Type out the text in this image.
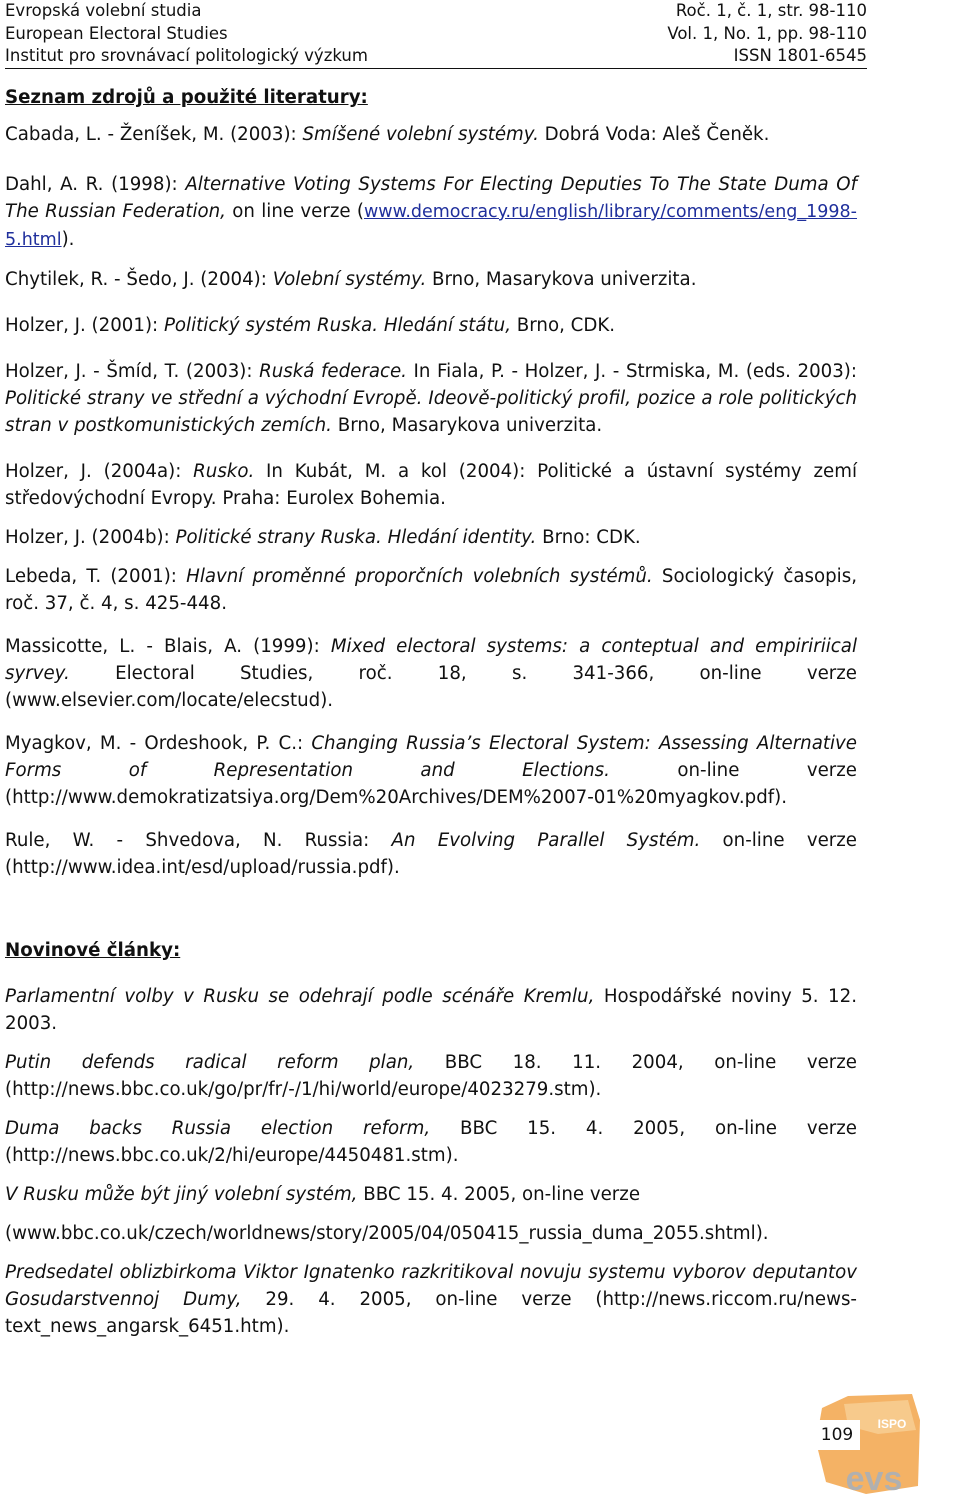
Evropská volební studia	Roč. 1, č. 1, str. 98-110
European Electoral Studies	Vol. 1, No. 1, pp. 98-110
Institut pro srovnávací politologický výzkum	ISSN 1801-6545

Seznam zdrojů a použité literatury:

Cabada, L. - Ženíšek, M. (2003): Smíšené volební systémy. Dobrá Voda: Aleš Čeněk.

Dahl, A. R. (1998): Alternative Voting Systems For Electing Deputies To The State Duma Of The Russian Federation, on line verze (www.democracy.ru/english/library/comments/eng_1998-5.html).

Chytilek, R. - Šedo, J. (2004): Volební systémy. Brno, Masarykova univerzita.

Holzer, J. (2001): Politický systém Ruska. Hledání státu, Brno, CDK.

Holzer, J. - Šmíd, T. (2003): Ruská federace. In Fiala, P. - Holzer, J. - Strmiska, M. (eds. 2003): Politické strany ve střední a východní Evropě. Ideově-politický profil, pozice a role politických stran v postkomunistických zemích. Brno, Masarykova univerzita.

Holzer, J. (2004a): Rusko. In Kubát, M. a kol (2004): Politické a ústavní systémy zemí středovýchodní Evropy. Praha: Eurolex Bohemia.

Holzer, J. (2004b): Politické strany Ruska. Hledání identity. Brno: CDK.

Lebeda, T. (2001): Hlavní proměnné proporčních volebních systémů. Sociologický časopis, roč. 37, č. 4, s. 425-448.

Massicotte, L. - Blais, A. (1999): Mixed electoral systems: a conteptual and empiririical syrvey. Electoral Studies, roč. 18, s. 341-366, on-line verze (www.elsevier.com/locate/elecstud).

Myagkov, M. - Ordeshook, P. C.: Changing Russia’s Electoral System: Assessing Alternative Forms of Representation and Elections. on-line verze (http://www.demokratizatsiya.org/Dem%20Archives/DEM%2007-01%20myagkov.pdf).

Rule, W. - Shvedova, N. Russia: An Evolving Parallel Systém. on-line verze (http://www.idea.int/esd/upload/russia.pdf).

Novinové články:

Parlamentní volby v Rusku se odehrají podle scénáře Kremlu, Hospodářské noviny 5. 12. 2003.

Putin defends radical reform plan, BBC 18. 11. 2004, on-line verze (http://news.bbc.co.uk/go/pr/fr/-/1/hi/world/europe/4023279.stm).

Duma backs Russia election reform, BBC 15. 4. 2005, on-line verze (http://news.bbc.co.uk/2/hi/europe/4450481.stm).

V Rusku může být jiný volební systém, BBC 15. 4. 2005, on-line verze

(www.bbc.co.uk/czech/worldnews/story/2005/04/050415_russia_duma_2055.shtml).

Predsedatel oblizbirkoma Viktor Ignatenko razkritikoval novuju systemu vyborov deputantov Gosudarstvennoj Dumy, 29. 4. 2005, on-line verze (http://news.riccom.ru/news-text_news_angarsk_6451.htm).

ISPO
evs
109
